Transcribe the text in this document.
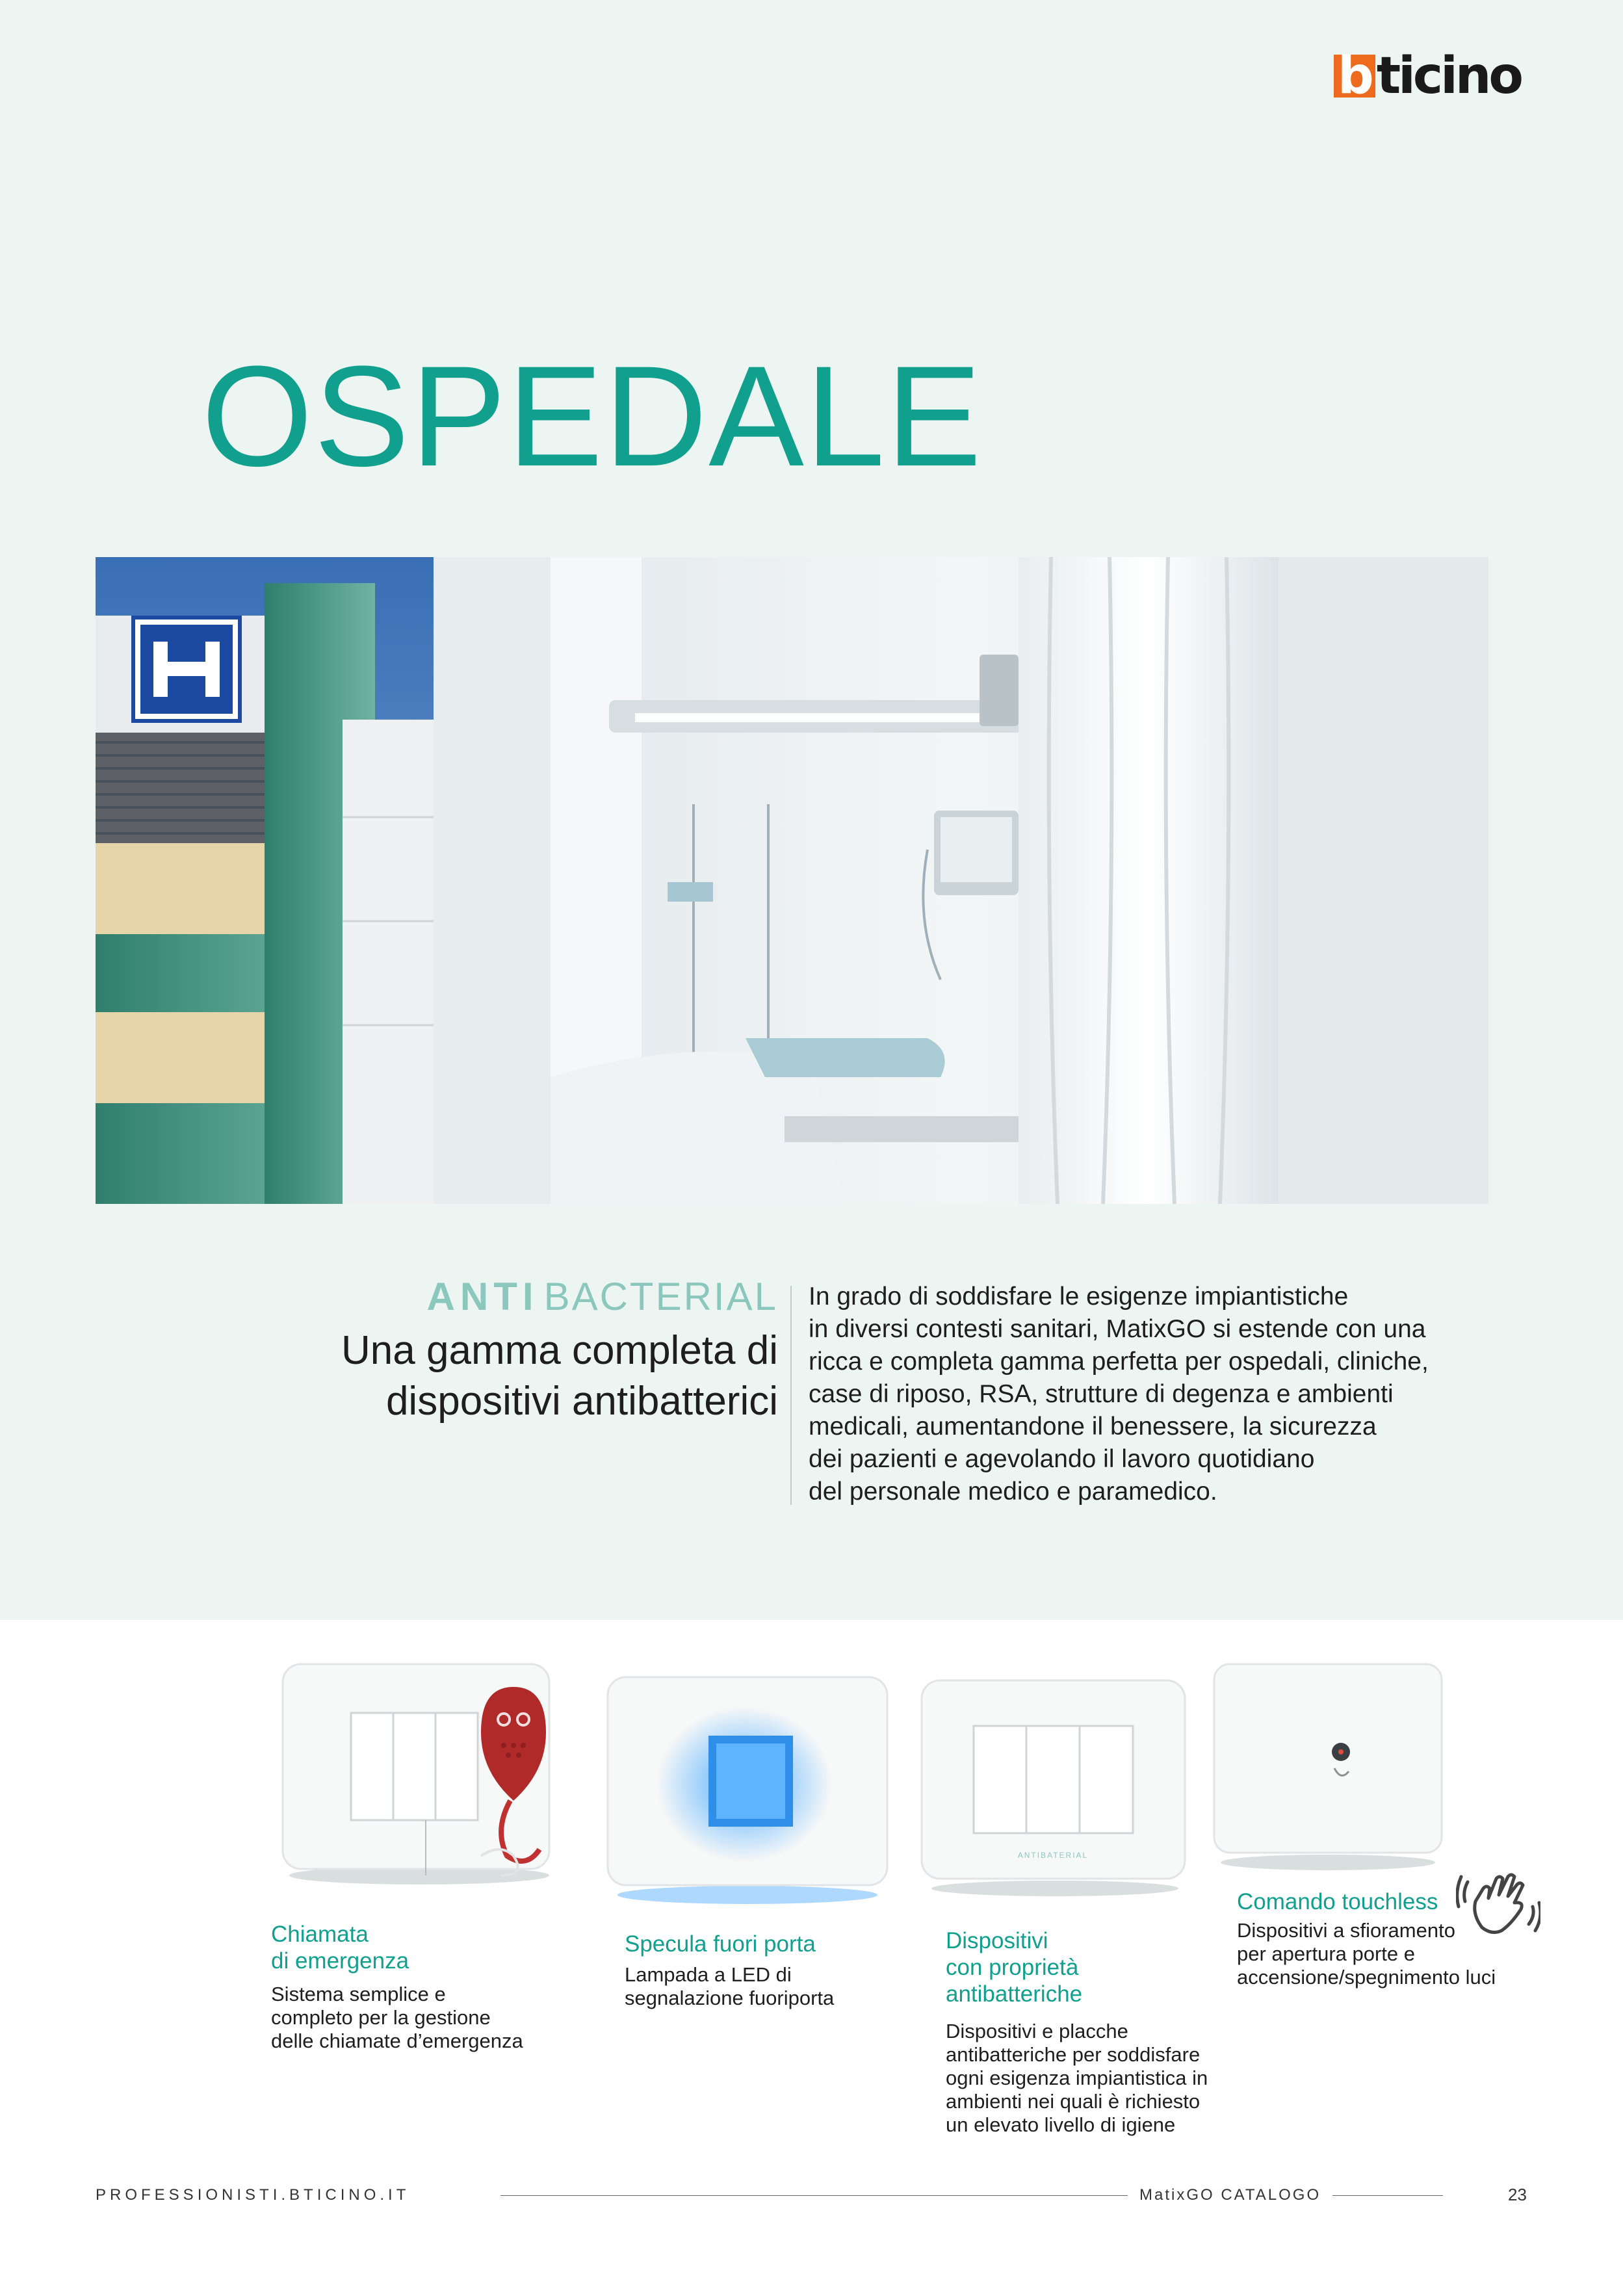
b ticino
OSPEDALE
ANTI BACTERIAL
Una gamma completa di
dispositivi antibatterici
In grado di soddisfare le esigenze impiantistiche
in diversi contesti sanitari, MatixGO si estende con una
ricca e completa gamma perfetta per ospedali, cliniche,
case di riposo, RSA, strutture di degenza e ambienti
medicali, aumentandone il benessere, la sicurezza
dei pazienti e agevolando il lavoro quotidiano
del personale medico e paramedico.
ANTIBATERIAL
Chiamata
di emergenza
Sistema semplice e
completo per la gestione
delle chiamate d’emergenza
Specula fuori porta
Lampada a LED di
segnalazione fuoriporta
Dispositivi
con proprietà
antibatteriche
Dispositivi e placche
antibatteriche per soddisfare
ogni esigenza impiantistica in
ambienti nei quali è richiesto
un elevato livello di igiene
Comando touchless
Dispositivi a sfioramento
per apertura porte e
accensione/spegnimento luci
PROFESSIONISTI.BTICINO.IT	MatixGO CATALOGO	23
